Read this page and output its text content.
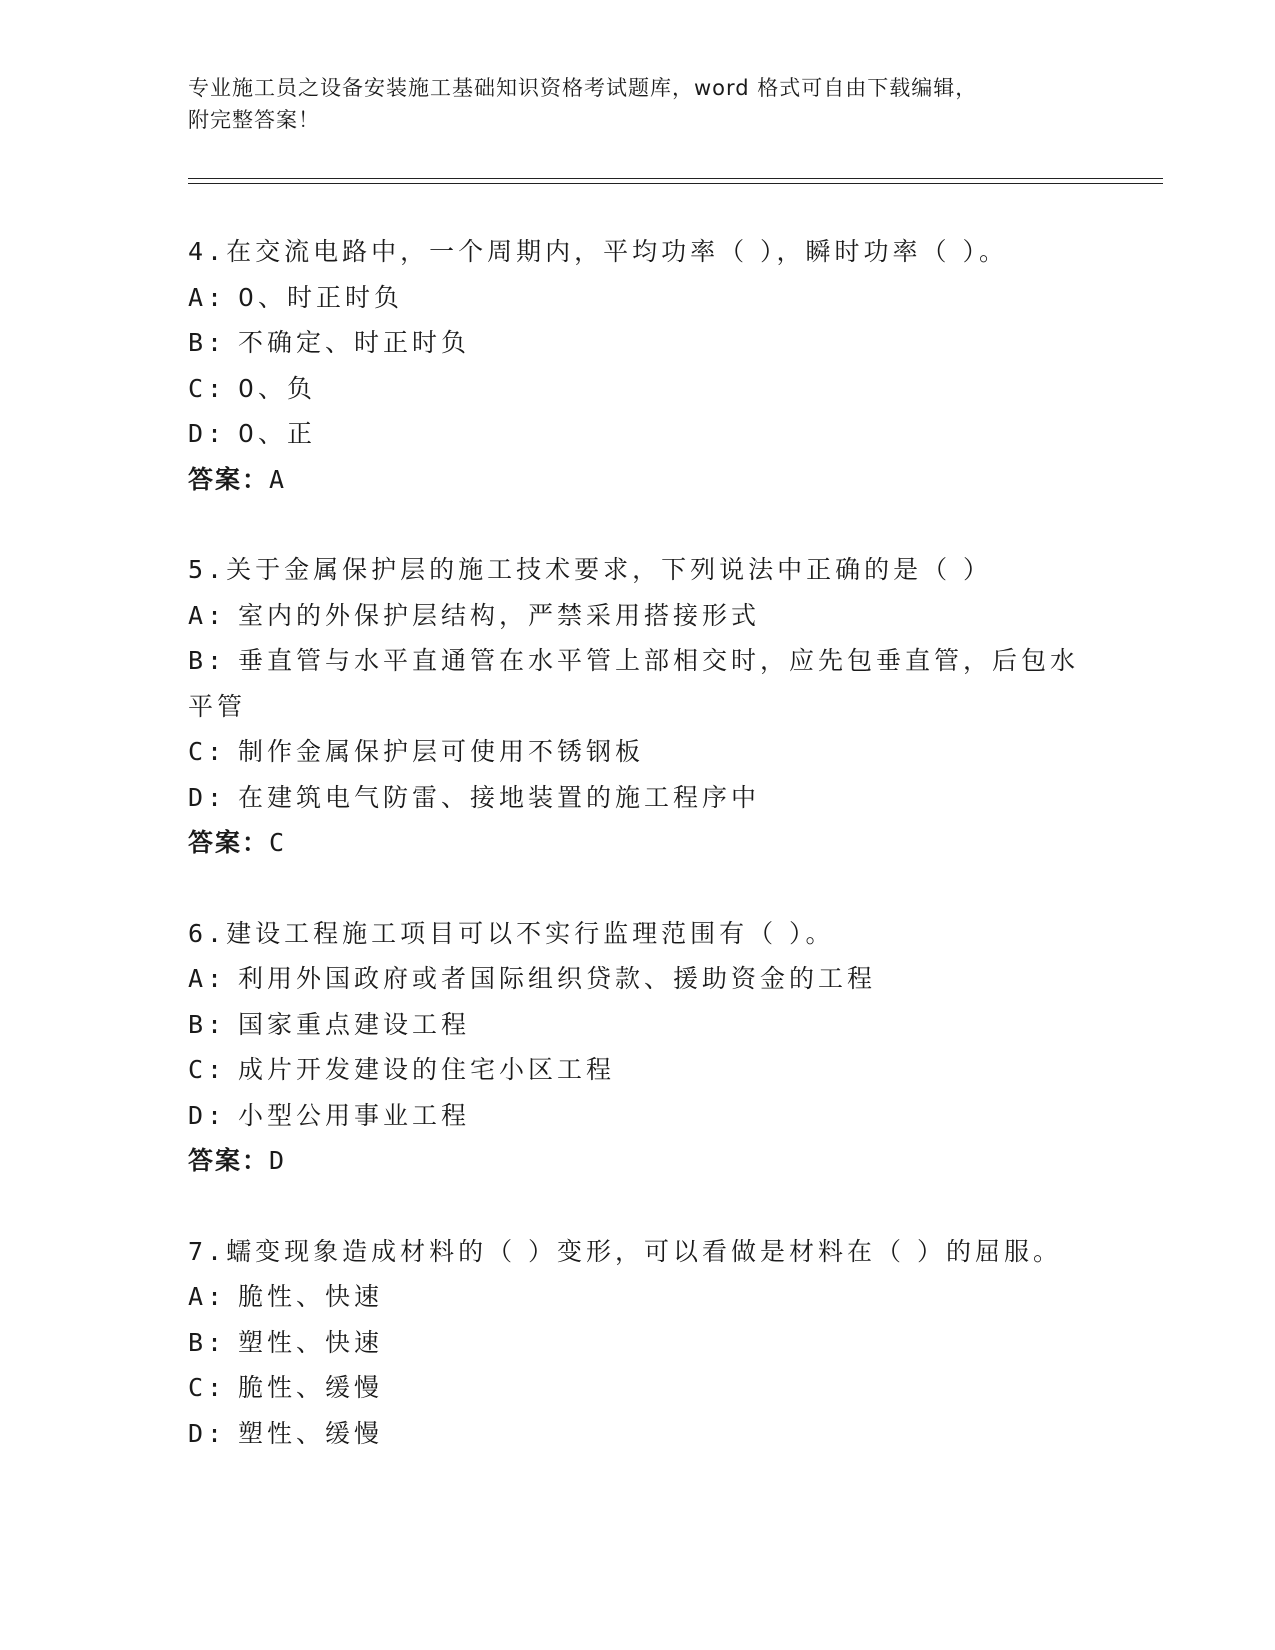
专业施工员之设备安装施工基础知识资格考试题库，word 格式可自由下载编辑，
附完整答案！
4.在交流电路中，一个周期内，平均功率（ ），瞬时功率（ ）。
A: 0、时正时负
B: 不确定、时正时负
C: 0、负
D: 0、正
答案：A
5.关于金属保护层的施工技术要求，下列说法中正确的是（ ）
A: 室内的外保护层结构，严禁采用搭接形式
B: 垂直管与水平直通管在水平管上部相交时，应先包垂直管，后包水平管
C: 制作金属保护层可使用不锈钢板
D: 在建筑电气防雷、接地装置的施工程序中
答案：C
6.建设工程施工项目可以不实行监理范围有（ ）。
A: 利用外国政府或者国际组织贷款、援助资金的工程
B: 国家重点建设工程
C: 成片开发建设的住宅小区工程
D: 小型公用事业工程
答案：D
7.蠕变现象造成材料的（ ）变形，可以看做是材料在（ ）的屈服。
A: 脆性、快速
B: 塑性、快速
C: 脆性、缓慢
D: 塑性、缓慢
